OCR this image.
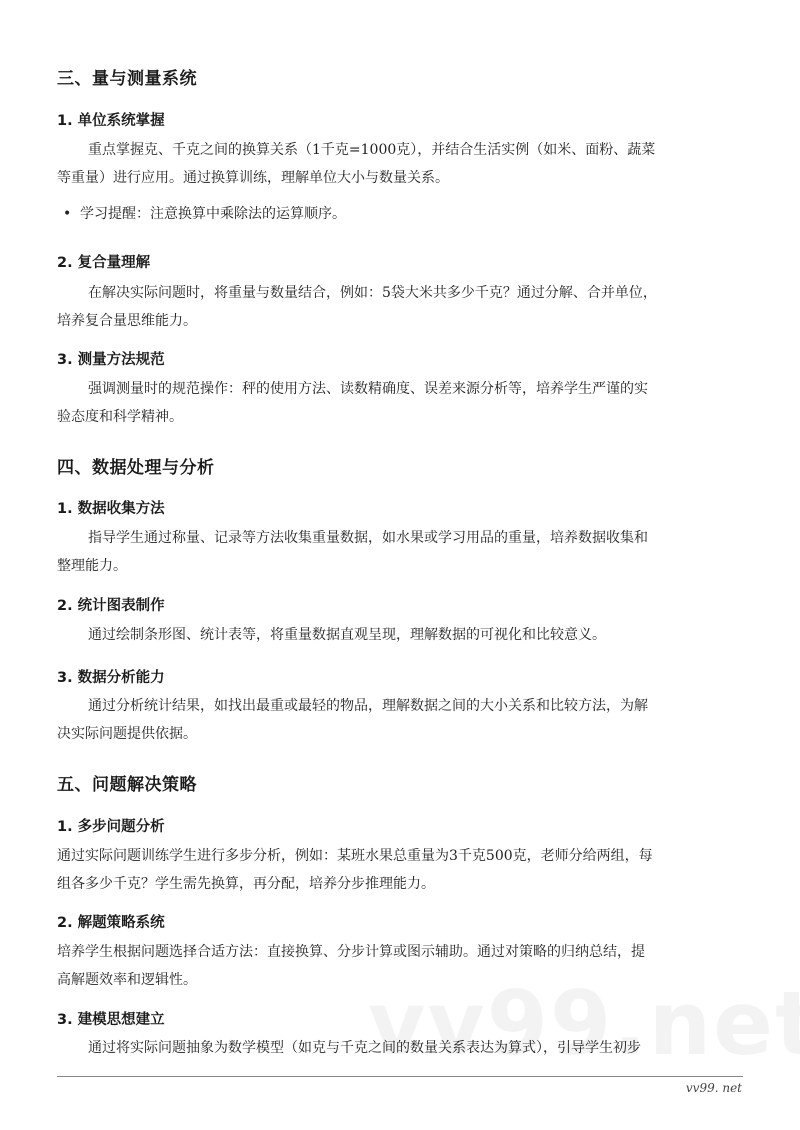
三、量与测量系统
1. 单位系统掌握

重点掌握克、千克之间的换算关系（1千克=1000克），并结合生活实例（如米、面粉、蔬菜

等重量）进行应用。通过换算训练，理解单位大小与数量关系。

• 学习提醒：注意换算中乘除法的运算顺序。

2. 复合量理解

在解决实际问题时，将重量与数量结合，例如：5袋大米共多少千克？通过分解、合并单位，

培养复合量思维能力。

3. 测量方法规范

强调测量时的规范操作：秤的使用方法、读数精确度、误差来源分析等，培养学生严谨的实

验态度和科学精神。

四、数据处理与分析
1. 数据收集方法

指导学生通过称量、记录等方法收集重量数据，如水果或学习用品的重量，培养数据收集和

整理能力。

2. 统计图表制作

通过绘制条形图、统计表等，将重量数据直观呈现，理解数据的可视化和比较意义。

3. 数据分析能力

通过分析统计结果，如找出最重或最轻的物品，理解数据之间的大小关系和比较方法，为解

决实际问题提供依据。

五、问题解决策略
1. 多步问题分析

通过实际问题训练学生进行多步分析，例如：某班水果总重量为3千克500克，老师分给两组，每

组各多少千克？学生需先换算，再分配，培养分步推理能力。

2. 解题策略系统

培养学生根据问题选择合适方法：直接换算、分步计算或图示辅助。通过对策略的归纳总结，提

高解题效率和逻辑性。

3. 建模思想建立

通过将实际问题抽象为数学模型（如克与千克之间的数量关系表达为算式），引导学生初步

vv99. net
